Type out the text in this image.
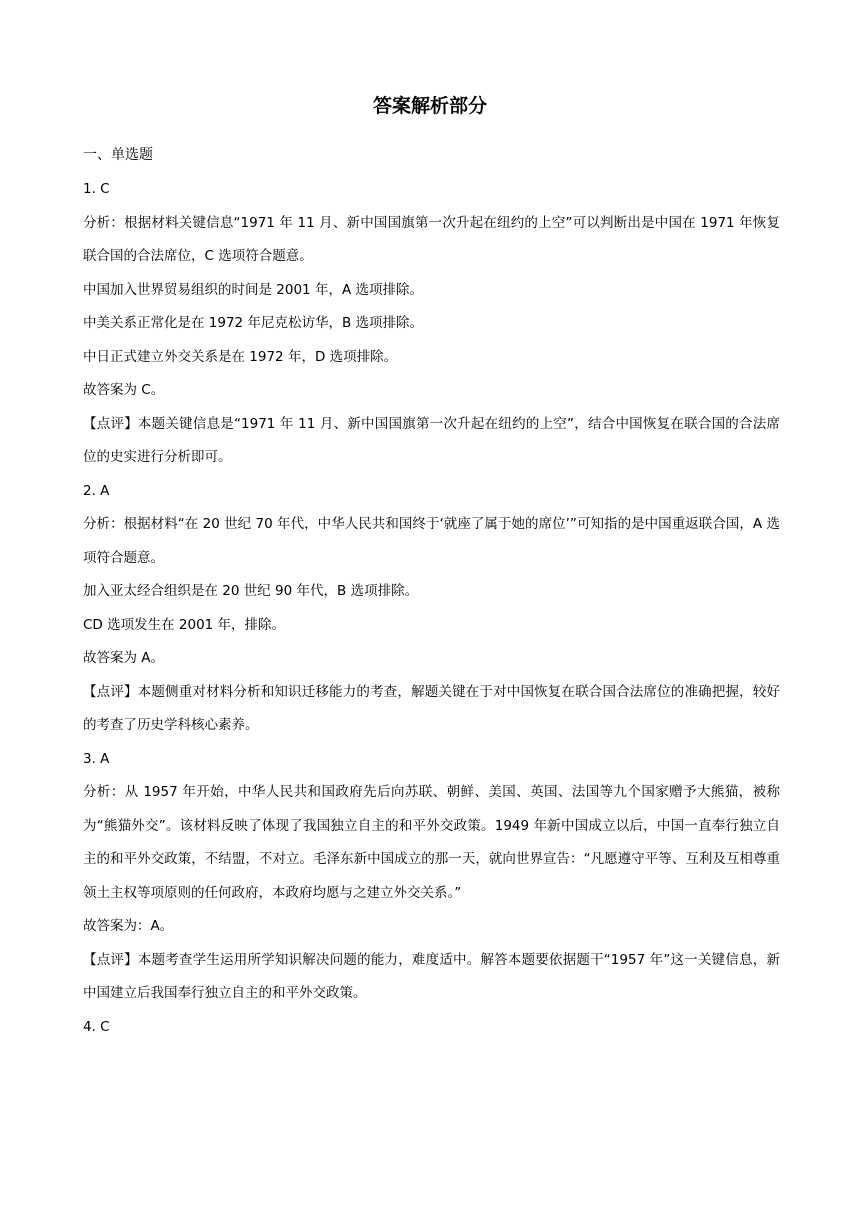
答案解析部分
一、单选题

1. C

分析：根据材料关键信息“1971 年 11 月、新中国国旗第一次升起在纽约的上空”可以判断出是中国在 1971 年恢复联合国的合法席位，C 选项符合题意。

中国加入世界贸易组织的时间是 2001 年，A 选项排除。

中美关系正常化是在 1972 年尼克松访华，B 选项排除。

中日正式建立外交关系是在 1972 年，D 选项排除。

故答案为 C。

【点评】本题关键信息是“1971 年 11 月、新中国国旗第一次升起在纽约的上空”，结合中国恢复在联合国的合法席位的史实进行分析即可。

2. A

分析：根据材料“在 20 世纪 70 年代，中华人民共和国终于‘就座了属于她的席位’”可知指的是中国重返联合国，A 选项符合题意。

加入亚太经合组织是在 20 世纪 90 年代，B 选项排除。

CD 选项发生在 2001 年，排除。

故答案为 A。

【点评】本题侧重对材料分析和知识迁移能力的考查，解题关键在于对中国恢复在联合国合法席位的准确把握，较好的考查了历史学科核心素养。

3. A

分析：从 1957 年开始，中华人民共和国政府先后向苏联、朝鲜、美国、英国、法国等九个国家赠予大熊猫，被称为“熊猫外交”。该材料反映了体现了我国独立自主的和平外交政策。1949 年新中国成立以后，中国一直奉行独立自主的和平外交政策，不结盟，不对立。毛泽东新中国成立的那一天，就向世界宣告：“凡愿遵守平等、互利及互相尊重领土主权等项原则的任何政府，本政府均愿与之建立外交关系。”

故答案为：A。

【点评】本题考查学生运用所学知识解决问题的能力，难度适中。解答本题要依据题干“1957 年”这一关键信息，新中国建立后我国奉行独立自主的和平外交政策。

4. C
